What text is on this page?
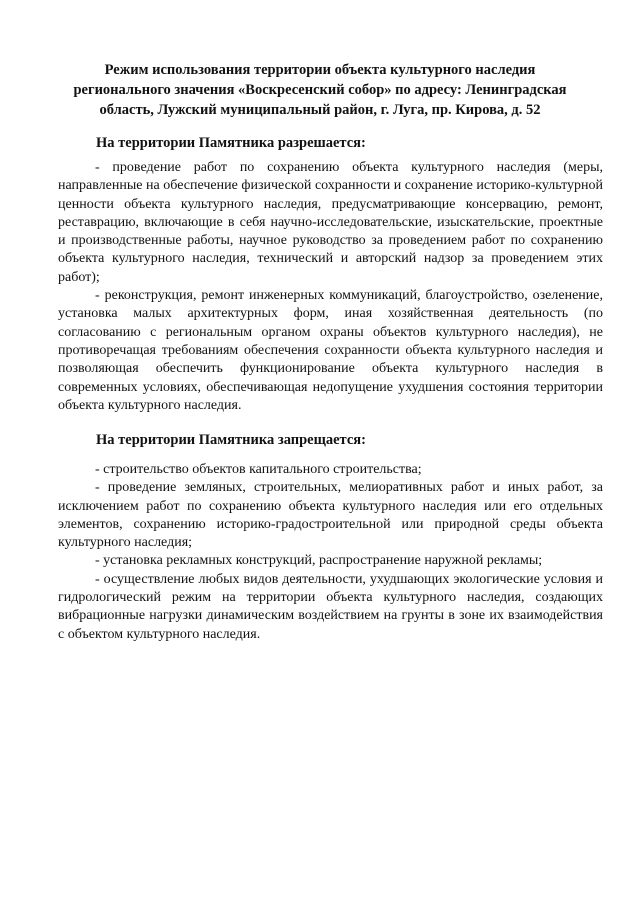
Режим использования территории объекта культурного наследия регионального значения «Воскресенский собор» по адресу: Ленинградская область, Лужский муниципальный район, г. Луга, пр. Кирова, д. 52
На территории Памятника разрешается:

- проведение работ по сохранению объекта культурного наследия (меры, направленные на обеспечение физической сохранности и сохранение историко-культурной ценности объекта культурного наследия, предусматривающие консервацию, ремонт, реставрацию, включающие в себя научно-исследовательские, изыскательские, проектные и производственные работы, научное руководство за проведением работ по сохранению объекта культурного наследия, технический и авторский надзор за проведением этих работ);

- реконструкция, ремонт инженерных коммуникаций, благоустройство, озеленение, установка малых архитектурных форм, иная хозяйственная деятельность (по согласованию с региональным органом охраны объектов культурного наследия), не противоречащая требованиям обеспечения сохранности объекта культурного наследия и позволяющая обеспечить функционирование объекта культурного наследия в современных условиях, обеспечивающая недопущение ухудшения состояния территории объекта культурного наследия.

На территории Памятника запрещается:

- строительство объектов капитального строительства;

- проведение земляных, строительных, мелиоративных работ и иных работ, за исключением работ по сохранению объекта культурного наследия или его отдельных элементов, сохранению историко-градостроительной или природной среды объекта культурного наследия;

- установка рекламных конструкций, распространение наружной рекламы;

- осуществление любых видов деятельности, ухудшающих экологические условия и гидрологический режим на территории объекта культурного наследия, создающих вибрационные нагрузки динамическим воздействием на грунты в зоне их взаимодействия с объектом культурного наследия.
